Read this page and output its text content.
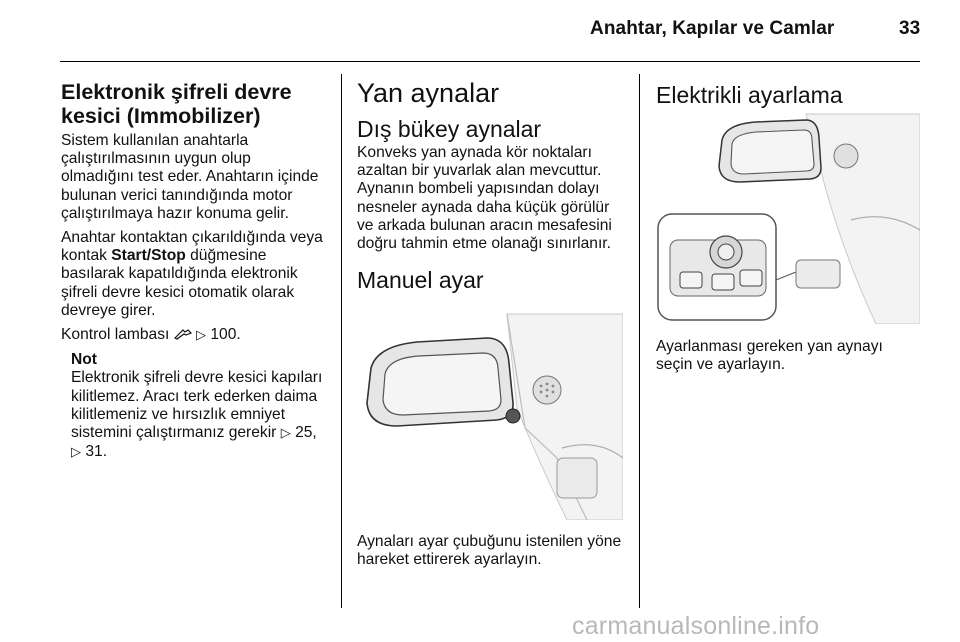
Anahtar, Kapılar ve Camlar	33
Elektronik şifreli devre kesici (Immobilizer)

Sistem kullanılan anahtarla çalıştırılmasının uygun olup olmadığını test eder. Anahtarın içinde bulunan verici tanındığında motor çalıştırılmaya hazır konuma gelir.

Anahtar kontaktan çıkarıldığında veya kontak Start/Stop düğmesine basılarak kapatıldığında elektronik şifreli devre kesici otomatik olarak devreye girer.

Kontrol lambası ▷ 100.

Not
Elektronik şifreli devre kesici kapıları kilitlemez. Aracı terk ederken daima kilitlemeniz ve hırsızlık emniyet sistemini çalıştırmanız gerekir ▷ 25, ▷ 31.
Yan aynalar
Dış bükey aynalar

Konveks yan aynada kör noktaları azaltan bir yuvarlak alan mevcuttur. Aynanın bombeli yapısından dolayı nesneler aynada daha küçük görülür ve arkada bulunan aracın mesafesini doğru tahmin etme olanağı sınırlanır.

Manuel ayar
Aynaları ayar çubuğunu istenilen yöne hareket ettirerek ayarlayın.
Elektrikli ayarlama
Ayarlanması gereken yan aynayı seçin ve ayarlayın.
carmanualsonline.info
